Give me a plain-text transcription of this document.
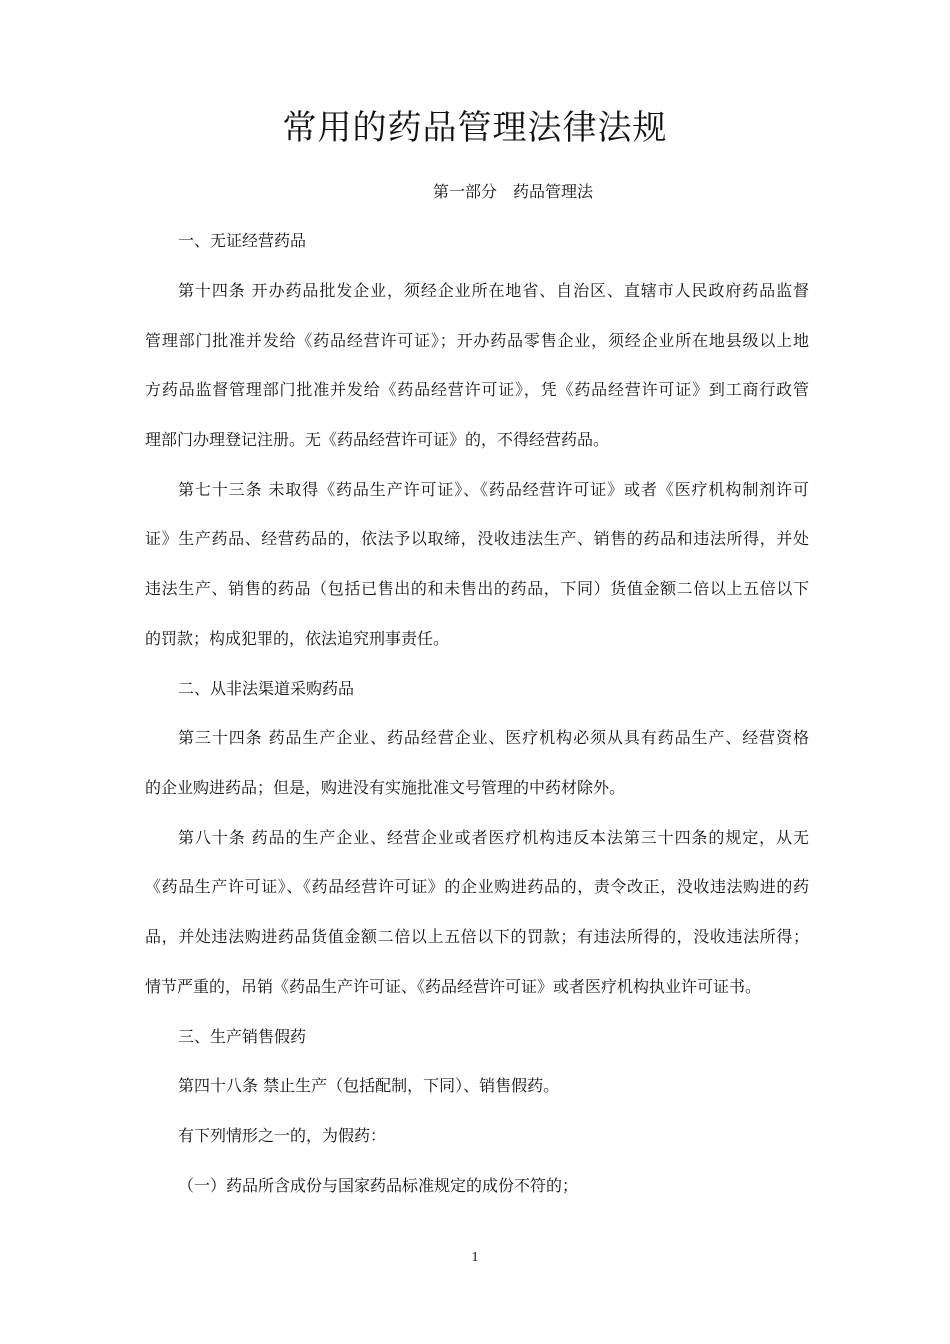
常用的药品管理法律法规
第一部分　药品管理法
一、无证经营药品
第十四条 开办药品批发企业，须经企业所在地省、自治区、直辖市人民政府药品监督
管理部门批准并发给《药品经营许可证》；开办药品零售企业，须经企业所在地县级以上地
方药品监督管理部门批准并发给《药品经营许可证》，凭《药品经营许可证》到工商行政管
理部门办理登记注册。无《药品经营许可证》的，不得经营药品。
第七十三条 未取得《药品生产许可证》、《药品经营许可证》或者《医疗机构制剂许可
证》生产药品、经营药品的，依法予以取缔，没收违法生产、销售的药品和违法所得，并处
违法生产、销售的药品（包括已售出的和未售出的药品，下同）货值金额二倍以上五倍以下
的罚款；构成犯罪的，依法追究刑事责任。
二、从非法渠道采购药品
第三十四条 药品生产企业、药品经营企业、医疗机构必须从具有药品生产、经营资格
的企业购进药品；但是，购进没有实施批准文号管理的中药材除外。
第八十条 药品的生产企业、经营企业或者医疗机构违反本法第三十四条的规定，从无
《药品生产许可证》、《药品经营许可证》的企业购进药品的，责令改正，没收违法购进的药
品，并处违法购进药品货值金额二倍以上五倍以下的罚款；有违法所得的，没收违法所得；
情节严重的，吊销《药品生产许可证、《药品经营许可证》或者医疗机构执业许可证书。
三、生产销售假药
第四十八条 禁止生产（包括配制，下同）、销售假药。
有下列情形之一的，为假药：
（一）药品所含成份与国家药品标准规定的成份不符的；
1
